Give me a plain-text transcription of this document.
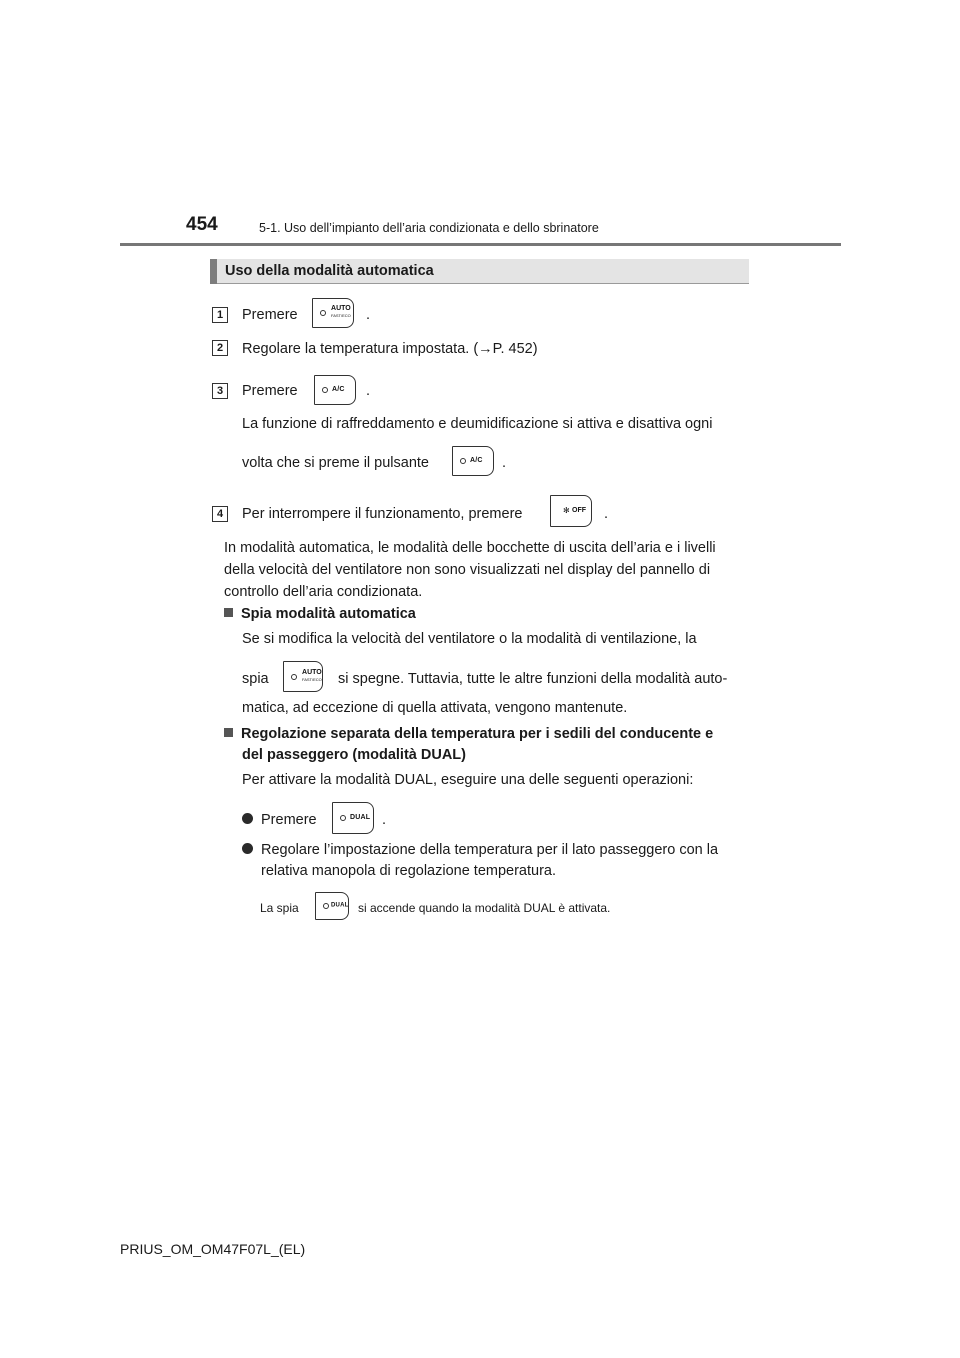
454	5-1. Uso dell’impianto dell’aria condizionata e dello sbrinatore
Uso della modalità automatica
1	Premere	AUTO
FAST/ECO .
2	Regolare la temperatura impostata. (→P. 452)
3	Premere	A/C .
La funzione di raffreddamento e deumidificazione si attiva e disattiva ogni
volta che si preme il pulsante	A/C .
4	Per interrompere il funzionamento, premere	✻ OFF .
In modalità automatica, le modalità delle bocchette di uscita dell’aria e i livelli
della velocità del ventilatore non sono visualizzati nel display del pannello di
controllo dell’aria condizionata.
Spia modalità automatica
Se si modifica la velocità del ventilatore o la modalità di ventilazione, la
spia	AUTO
FAST/ECO si spegne. Tuttavia, tutte le altre funzioni della modalità auto-
matica, ad eccezione di quella attivata, vengono mantenute.
Regolazione separata della temperatura per i sedili del conducente e
del passeggero (modalità DUAL)
Per attivare la modalità DUAL, eseguire una delle seguenti operazioni:
Premere	DUAL .
Regolare l’impostazione della temperatura per il lato passeggero con la
relativa manopola di regolazione temperatura.
La spia	DUAL si accende quando la modalità DUAL è attivata.
PRIUS_OM_OM47F07L_(EL)
